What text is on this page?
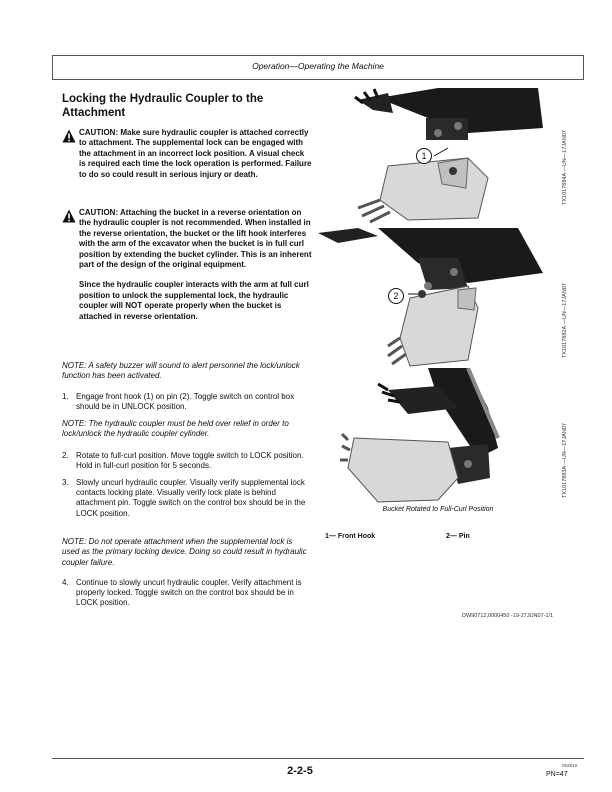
Operation—Operating the Machine
Locking the Hydraulic Coupler to the Attachment
CAUTION: Make sure hydraulic coupler is attached correctly to attachment. The supplemental lock can be engaged with the attachment in an incorrect lock position. A visual check is required each time the lock operation is performed. Failure to do so could result in serious injury or death.
CAUTION: Attaching the bucket in a reverse orientation on the hydraulic coupler is not recommended. When installed in the reverse orientation, the bucket or the lift hook interferes with the arm of the excavator when the bucket is in full curl position by extending the bucket cylinder. This is an inherent part of the design of the original equipment.
Since the hydraulic coupler interacts with the arm at full curl position to unlock the supplemental lock, the hydraulic coupler will NOT operate properly when the bucket is attached in reverse orientation.
NOTE: A safety buzzer will sound to alert personnel the lock/unlock function has been activated.
1. Engage front hook (1) on pin (2). Toggle switch on control box should be in UNLOCK position.
NOTE: The hydraulic coupler must be held over relief in order to lock/unlock the hydraulic coupler cylinder.
2. Rotate to full-curl position. Move toggle switch to LOCK position. Hold in full-curl position for 5 seconds.
3. Slowly uncurl hydraulic coupler. Visually verify supplemental lock contacts locking plate. Visually verify lock plate is behind attachment pin. Toggle switch on the control box should be in the LOCK position.
NOTE: Do not operate attachment when the supplemental lock is used as the primary locking device. Doing so could result in hydraulic coupler failure.
4. Continue to slowly uncurl hydraulic coupler. Verify attachment is properly locked. Toggle switch on the control box should be in LOCK position.
1	TX1017884A —UN—17JAN07
2	TX1017882A —UN—17JAN07
TX1017883A —UN—17JAN07
Bucket Rotated to Full-Curl Position
1— Front Hook	2— Pin
DW90712,0000450 -19-27JUN07-1/1
2-2-5	052819
PN=47
